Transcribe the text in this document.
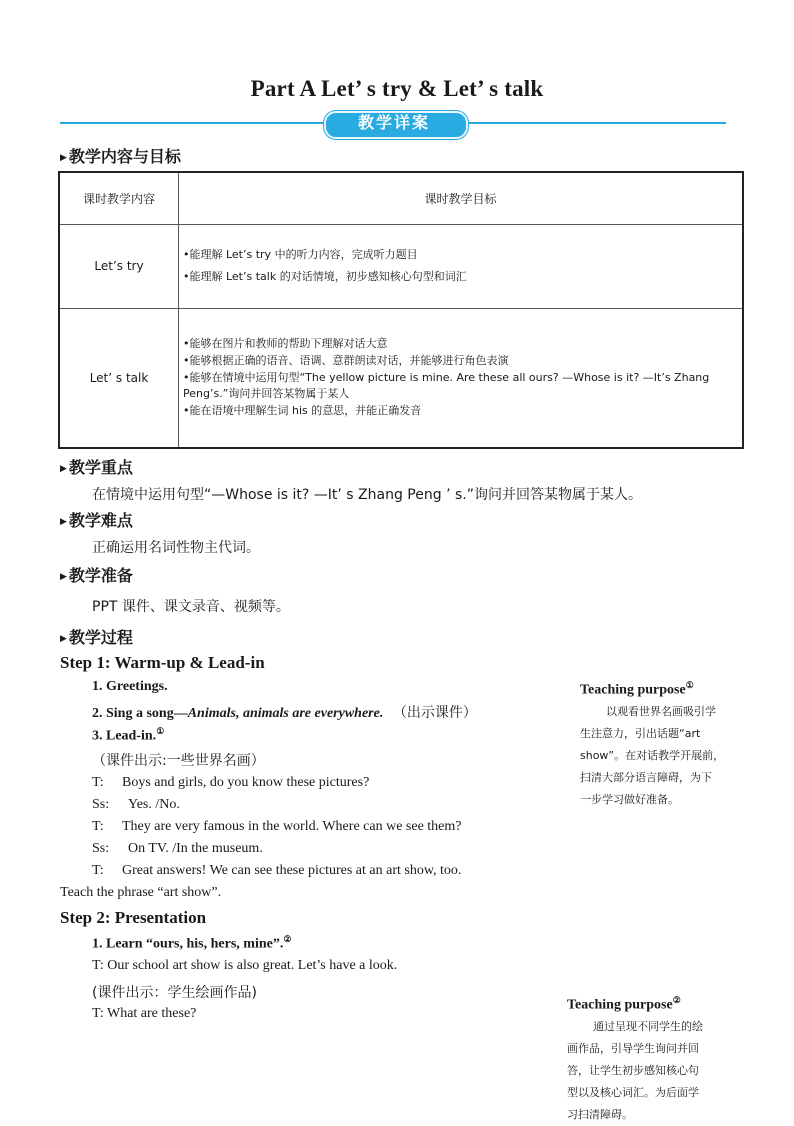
Part A Let’ s try & Let’ s talk
教学详案
▶ 教学内容与目标
课时教学内容	课时教学目标
Let’s try	•能理解 Let’s try 中的听力内容，完成听力题目
•能理解 Let’s talk 的对话情境，初步感知核心句型和词汇

Let’ s talk	•能够在图片和教师的帮助下理解对话大意
•能够根据正确的语音、语调、意群朗读对话，并能够进行角色表演
•能够在情境中运用句型“The yellow picture is mine. Are these all ours? —Whose is it? —It’s Zhang Peng’s.”询问并回答某物属于某人
•能在语境中理解生词 his 的意思，并能正确发音
▶ 教学重点
在情境中运用句型“—Whose is it? —It’ s Zhang Peng ’ s.”询问并回答某物属于某人。
▶ 教学难点
正确运用名词性物主代词。
▶ 教学准备
PPT 课件、课文录音、视频等。
▶ 教学过程
Step 1: Warm-up & Lead-in
1. Greetings.
2. Sing a song—Animals, animals are everywhere. （出示课件）
3. Lead-in.①
（课件出示:一些世界名画）
T: Boys and girls, do you know these pictures?
Ss: Yes. /No.
T: They are very famous in the world. Where can we see them?
Ss: On TV. /In the museum.
T: Great answers! We can see these pictures at an art show, too.
Teach the phrase “art show”.
Step 2: Presentation
1. Learn “ours, his, hers, mine”.②
T: Our school art show is also great. Let’s have a look.
(课件出示：学生绘画作品)
T: What are these?
Teaching purpose①
以观看世界名画吸引学
生注意力，引出话题“art
show”。在对话教学开展前，
扫清大部分语言障碍，为下
一步学习做好准备。
Teaching purpose②
通过呈现不同学生的绘
画作品，引导学生询问并回
答，让学生初步感知核心句
型以及核心词汇。为后面学
习扫清障碍。
